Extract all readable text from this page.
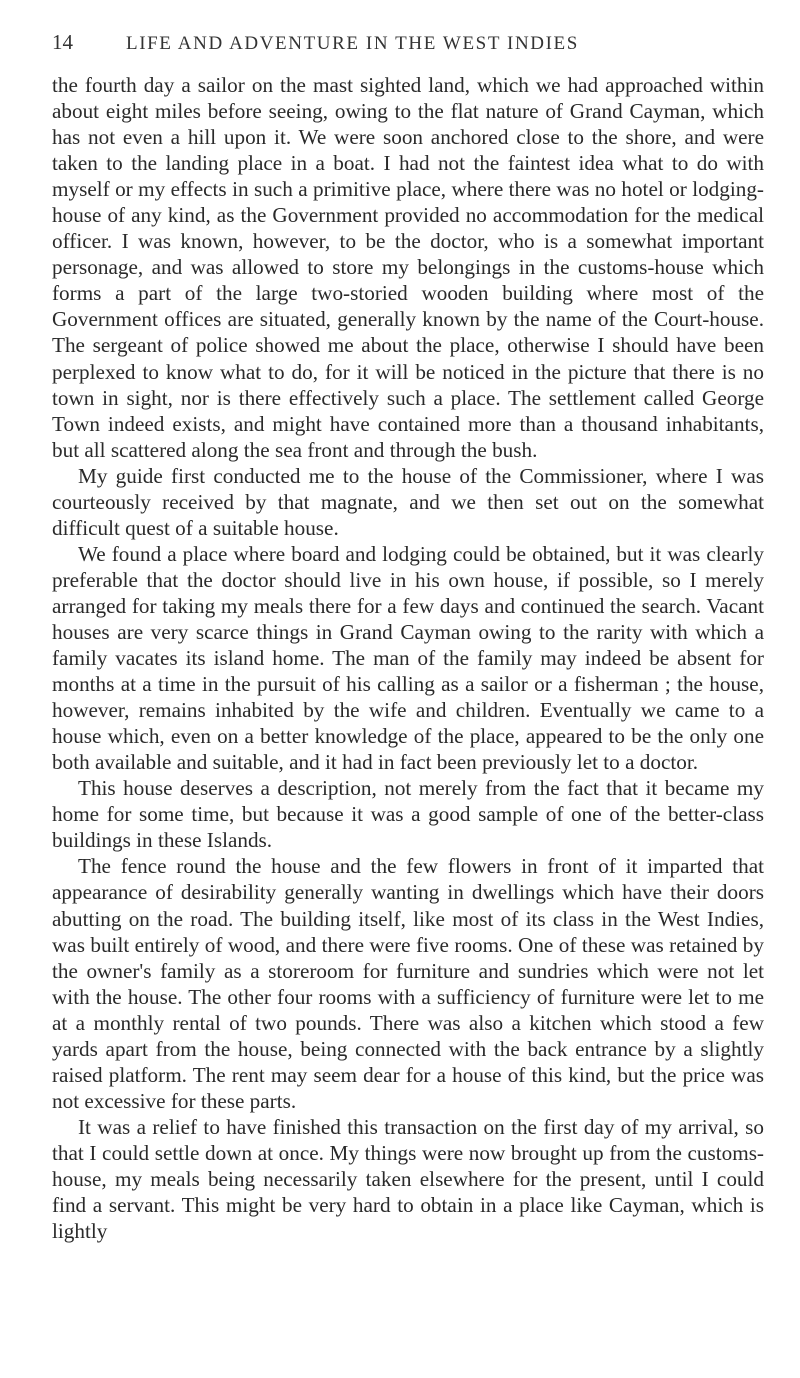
14	LIFE AND ADVENTURE IN THE WEST INDIES

the fourth day a sailor on the mast sighted land, which we had approached within about eight miles before seeing, owing to the flat nature of Grand Cayman, which has not even a hill upon it. We were soon anchored close to the shore, and were taken to the landing place in a boat. I had not the faintest idea what to do with myself or my effects in such a primitive place, where there was no hotel or lodging-house of any kind, as the Government provided no accommodation for the medical officer. I was known, however, to be the doctor, who is a somewhat important personage, and was allowed to store my belongings in the customs-house which forms a part of the large two-storied wooden building where most of the Government offices are situated, generally known by the name of the Court-house. The sergeant of police showed me about the place, otherwise I should have been perplexed to know what to do, for it will be noticed in the picture that there is no town in sight, nor is there effectively such a place. The settlement called George Town indeed exists, and might have contained more than a thousand inhabitants, but all scattered along the sea front and through the bush.

My guide first conducted me to the house of the Commissioner, where I was courteously received by that magnate, and we then set out on the somewhat difficult quest of a suitable house.

We found a place where board and lodging could be obtained, but it was clearly preferable that the doctor should live in his own house, if possible, so I merely arranged for taking my meals there for a few days and continued the search. Vacant houses are very scarce things in Grand Cayman owing to the rarity with which a family vacates its island home. The man of the family may indeed be absent for months at a time in the pursuit of his calling as a sailor or a fisherman ; the house, however, remains inhabited by the wife and children. Eventually we came to a house which, even on a better knowledge of the place, appeared to be the only one both available and suitable, and it had in fact been previously let to a doctor.

This house deserves a description, not merely from the fact that it became my home for some time, but because it was a good sample of one of the better-class buildings in these Islands.

The fence round the house and the few flowers in front of it imparted that appearance of desirability generally wanting in dwellings which have their doors abutting on the road. The building itself, like most of its class in the West Indies, was built entirely of wood, and there were five rooms. One of these was retained by the owner's family as a storeroom for furniture and sundries which were not let with the house. The other four rooms with a sufficiency of furniture were let to me at a monthly rental of two pounds. There was also a kitchen which stood a few yards apart from the house, being connected with the back entrance by a slightly raised platform. The rent may seem dear for a house of this kind, but the price was not excessive for these parts.

It was a relief to have finished this transaction on the first day of my arrival, so that I could settle down at once. My things were now brought up from the customs-house, my meals being necessarily taken elsewhere for the present, until I could find a servant. This might be very hard to obtain in a place like Cayman, which is lightly
